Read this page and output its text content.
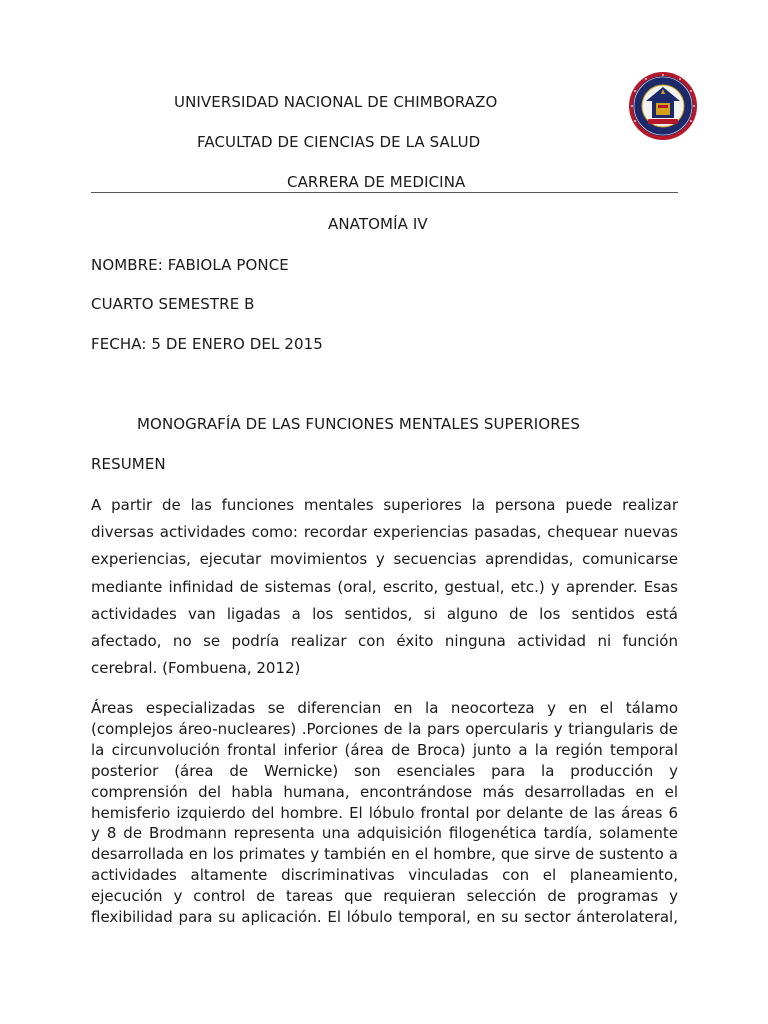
UNIVERSIDAD NACIONAL DE CHIMBORAZO
FACULTAD DE CIENCIAS DE LA SALUD
CARRERA DE MEDICINA
ANATOMÍA IV
NOMBRE: FABIOLA PONCE
CUARTO SEMESTRE B
FECHA: 5 DE ENERO DEL 2015
MONOGRAFÍA DE LAS FUNCIONES MENTALES SUPERIORES
RESUMEN
A partir de las funciones mentales superiores la persona puede realizar
diversas actividades como: recordar experiencias pasadas, chequear nuevas
experiencias, ejecutar movimientos y secuencias aprendidas, comunicarse
mediante infinidad de sistemas (oral, escrito, gestual, etc.) y aprender. Esas
actividades van ligadas a los sentidos, si alguno de los sentidos está
afectado, no se podría realizar con éxito ninguna actividad ni función
cerebral. (Fombuena, 2012)
Áreas especializadas se diferencian en la neocorteza y en el tálamo
(complejos áreo-nucleares) .Porciones de la pars opercularis y triangularis de
la circunvolución frontal inferior (área de Broca) junto a la región temporal
posterior (área de Wernicke) son esenciales para la producción y
comprensión del habla humana, encontrándose más desarrolladas en el
hemisferio izquierdo del hombre. El lóbulo frontal por delante de las áreas 6
y 8 de Brodmann representa una adquisición filogenética tardía, solamente
desarrollada en los primates y también en el hombre, que sirve de sustento a
actividades altamente discriminativas vinculadas con el planeamiento,
ejecución y control de tareas que requieran selección de programas y
flexibilidad para su aplicación. El lóbulo temporal, en su sector ánterolateral,
